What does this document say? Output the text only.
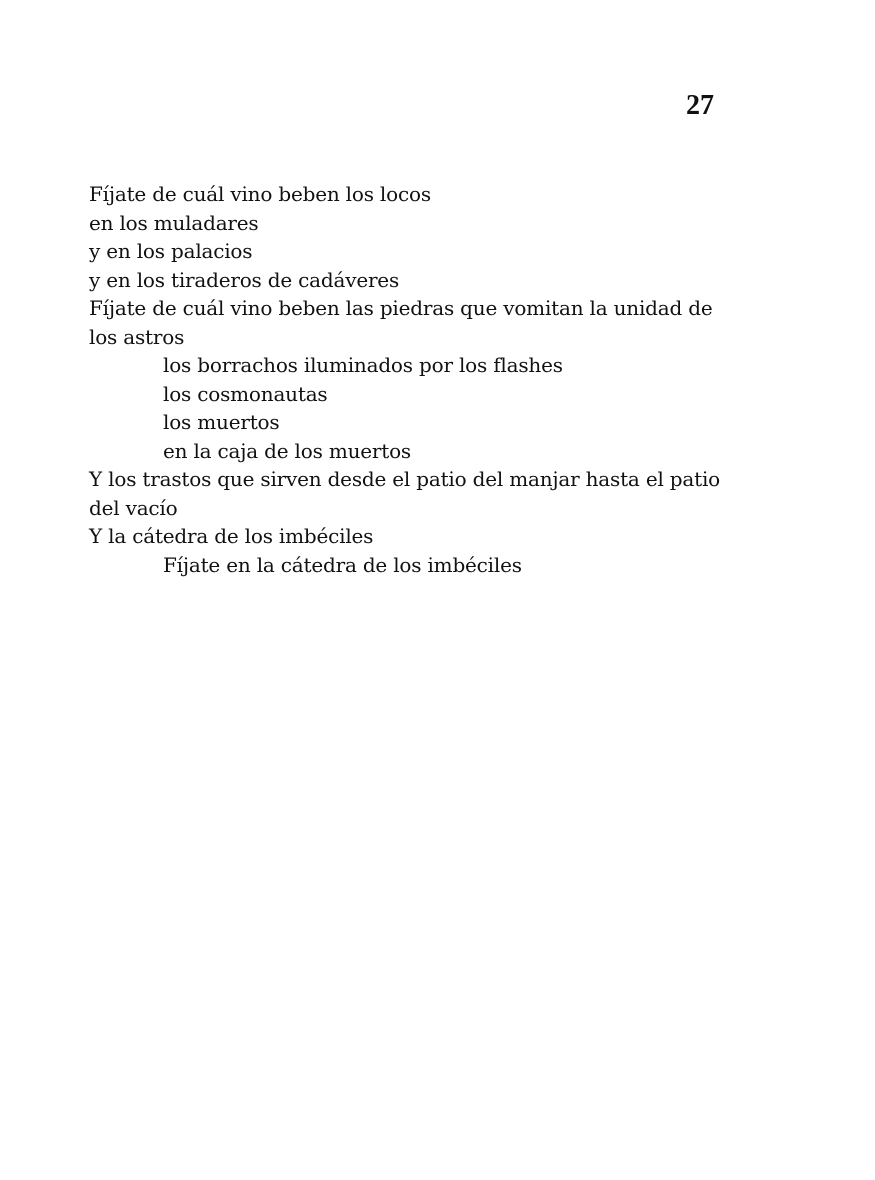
27
Fíjate de cuál vino beben los locos
en los muladares
y en los palacios
y en los tiraderos de cadáveres
Fíjate de cuál vino beben las piedras que vomitan la unidad de los astros
los borrachos iluminados por los flashes
los cosmonautas
los muertos
en la caja de los muertos
Y los trastos que sirven desde el patio del manjar hasta el patio del vacío
Y la cátedra de los imbéciles
Fíjate en la cátedra de los imbéciles
